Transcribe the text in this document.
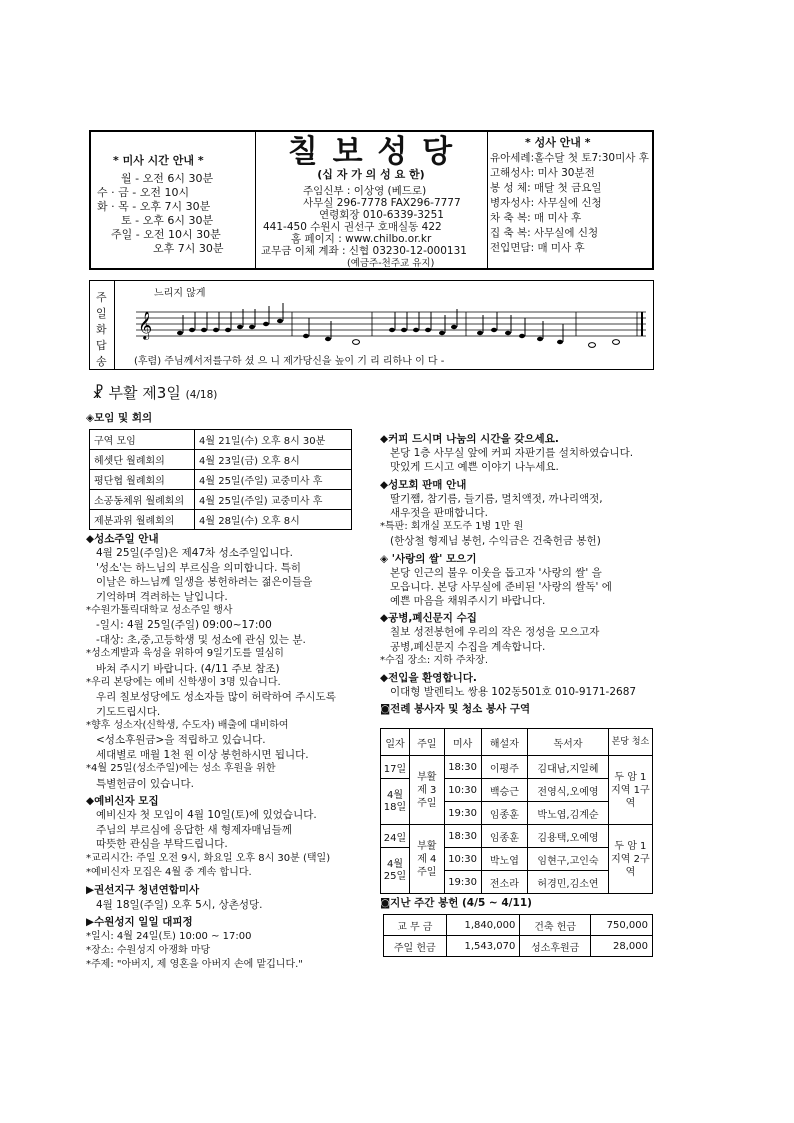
* 미사 시간 안내 *
월 - 오전 6시 30분
수 · 금 - 오전 10시
화 · 목 - 오후 7시 30분
토 - 오후 6시 30분
주일 - 오전 10시 30분
오후 7시 30분
칠 보 성 당
(십 자 가 의 성 요 한)
주임신부 : 이상영 (베드로)
사무실 296-7778 FAX296-7777
연령회장 010-6339-3251
441-450 수원시 권선구 호매실동 422
홈 페이지 : www.chilbo.or.kr
교무금 이체 계좌 : 신협 03230-12-000131
(예금주-천주교 유지)
* 성사 안내 *
유아세례:홀수달 첫 토7:30미사 후
고해성사: 미사 30분전
봉 성 체: 매달 첫 금요일
병자성사: 사무실에 신청
차 축 복: 매 미사 후
집 축 복: 사무실에 신청
전입면담: 매 미사 후
주
일
화
답
송
느리지 않게
𝄞
(후렴) 주님께서저를구하 셨 으 니 제가당신을 높이 기 리 리하나 이 다 -
☧ 부활 제3일 (4/18)
◈모임 및 회의
구역 모임	4월 21일(수) 오후 8시 30분
헤셋단 월례회의	4월 23일(금) 오후 8시
평단협 월례회의	4월 25일(주일) 교중미사 후
소공동체위 월례회의	4월 25일(주일) 교중미사 후
제분과위 월례회의	4월 28일(수) 오후 8시
◆성소주일 안내
4월 25일(주일)은 제47차 성소주일입니다.
'성소'는 하느님의 부르심을 의미합니다. 특히
이날은 하느님께 일생을 봉헌하려는 젊은이들을
기억하며 격려하는 날입니다.
*수원가톨릭대학교 성소주일 행사
-일시: 4월 25일(주일) 09:00~17:00
-대상: 초,중,고등학생 및 성소에 관심 있는 분.
*성소계발과 육성을 위하여 9일기도를 열심히
바쳐 주시기 바랍니다. (4/11 주보 참조)
*우리 본당에는 예비 신학생이 3명 있습니다.
우리 칠보성당에도 성소자들 많이 허락하여 주시도록
기도드립시다.
*향후 성소자(신학생, 수도자) 배출에 대비하여
<성소후원금>을 적립하고 있습니다.
세대별로 매월 1천 원 이상 봉헌하시면 됩니다.
*4월 25일(성소주일)에는 성소 후원을 위한
특별헌금이 있습니다.
◆예비신자 모집
예비신자 첫 모임이 4월 10일(토)에 있었습니다.
주님의 부르심에 응답한 새 형제자매님들께
따뜻한 관심을 부탁드립니다.
*교리시간: 주일 오전 9시, 화요일 오후 8시 30분 (택일)
*예비신자 모집은 4월 중 계속 합니다.
▶권선지구 청년연합미사
4월 18일(주일) 오후 5시, 상촌성당.
▶수원성지 일일 대피정
*일시: 4월 24일(토) 10:00 ~ 17:00
*장소: 수원성지 아쟁화 마당
*주제: "아버지, 제 영혼을 아버지 손에 맡깁니다."
◆커피 드시며 나눔의 시간을 갖으세요.
본당 1층 사무실 앞에 커피 자판기를 설치하였습니다.
맛있게 드시고 예쁜 이야기 나누세요.
◆성모회 판매 안내
딸기쨈, 참기름, 들기름, 멸치액젓, 까나리액젓,
새우젓을 판매합니다.
*특판: 회개실 포도주 1병 1만 원
(한상철 형제님 봉헌, 수익금은 건축헌금 봉헌)
◈ '사랑의 쌀' 모으기
본당 인근의 불우 이웃을 돕고자 '사랑의 쌀' 을
모읍니다. 본당 사무실에 준비된 '사랑의 쌀독' 에
예쁜 마음을 채워주시기 바랍니다.
◆공병,폐신문지 수집
칠보 성전봉헌에 우리의 작은 정성을 모으고자
공병,폐신문지 수집을 계속합니다.
*수집 장소: 지하 주차장.
◆전입을 환영합니다.
이대형 발렌티노 쌍용 102동501호 010-9171-2687
◙전례 봉사자 및 청소 봉사 구역
일자	주일	미사	해설자	독서자	본당 청소
17일	부활 제 3 주일	18:30	이평주	김대남,지일혜	두 암 1지역 1구역
4월 18일		10:30	백승근	전영식,오예영	
		19:30	임종훈	박노엽,김계순	
24일	부활 제 4 주일	18:30	임종훈	김용택,오예영	두 암 1지역 2구역
4월 25일		10:30	박노엽	임현구,고인숙	
		19:30	전소라	허경민,김소연	
◙지난 주간 봉헌 (4/5 ~ 4/11)
교 무 금	1,840,000	건축 헌금	750,000
주일 헌금	1,543,070	성소후원금	28,000
